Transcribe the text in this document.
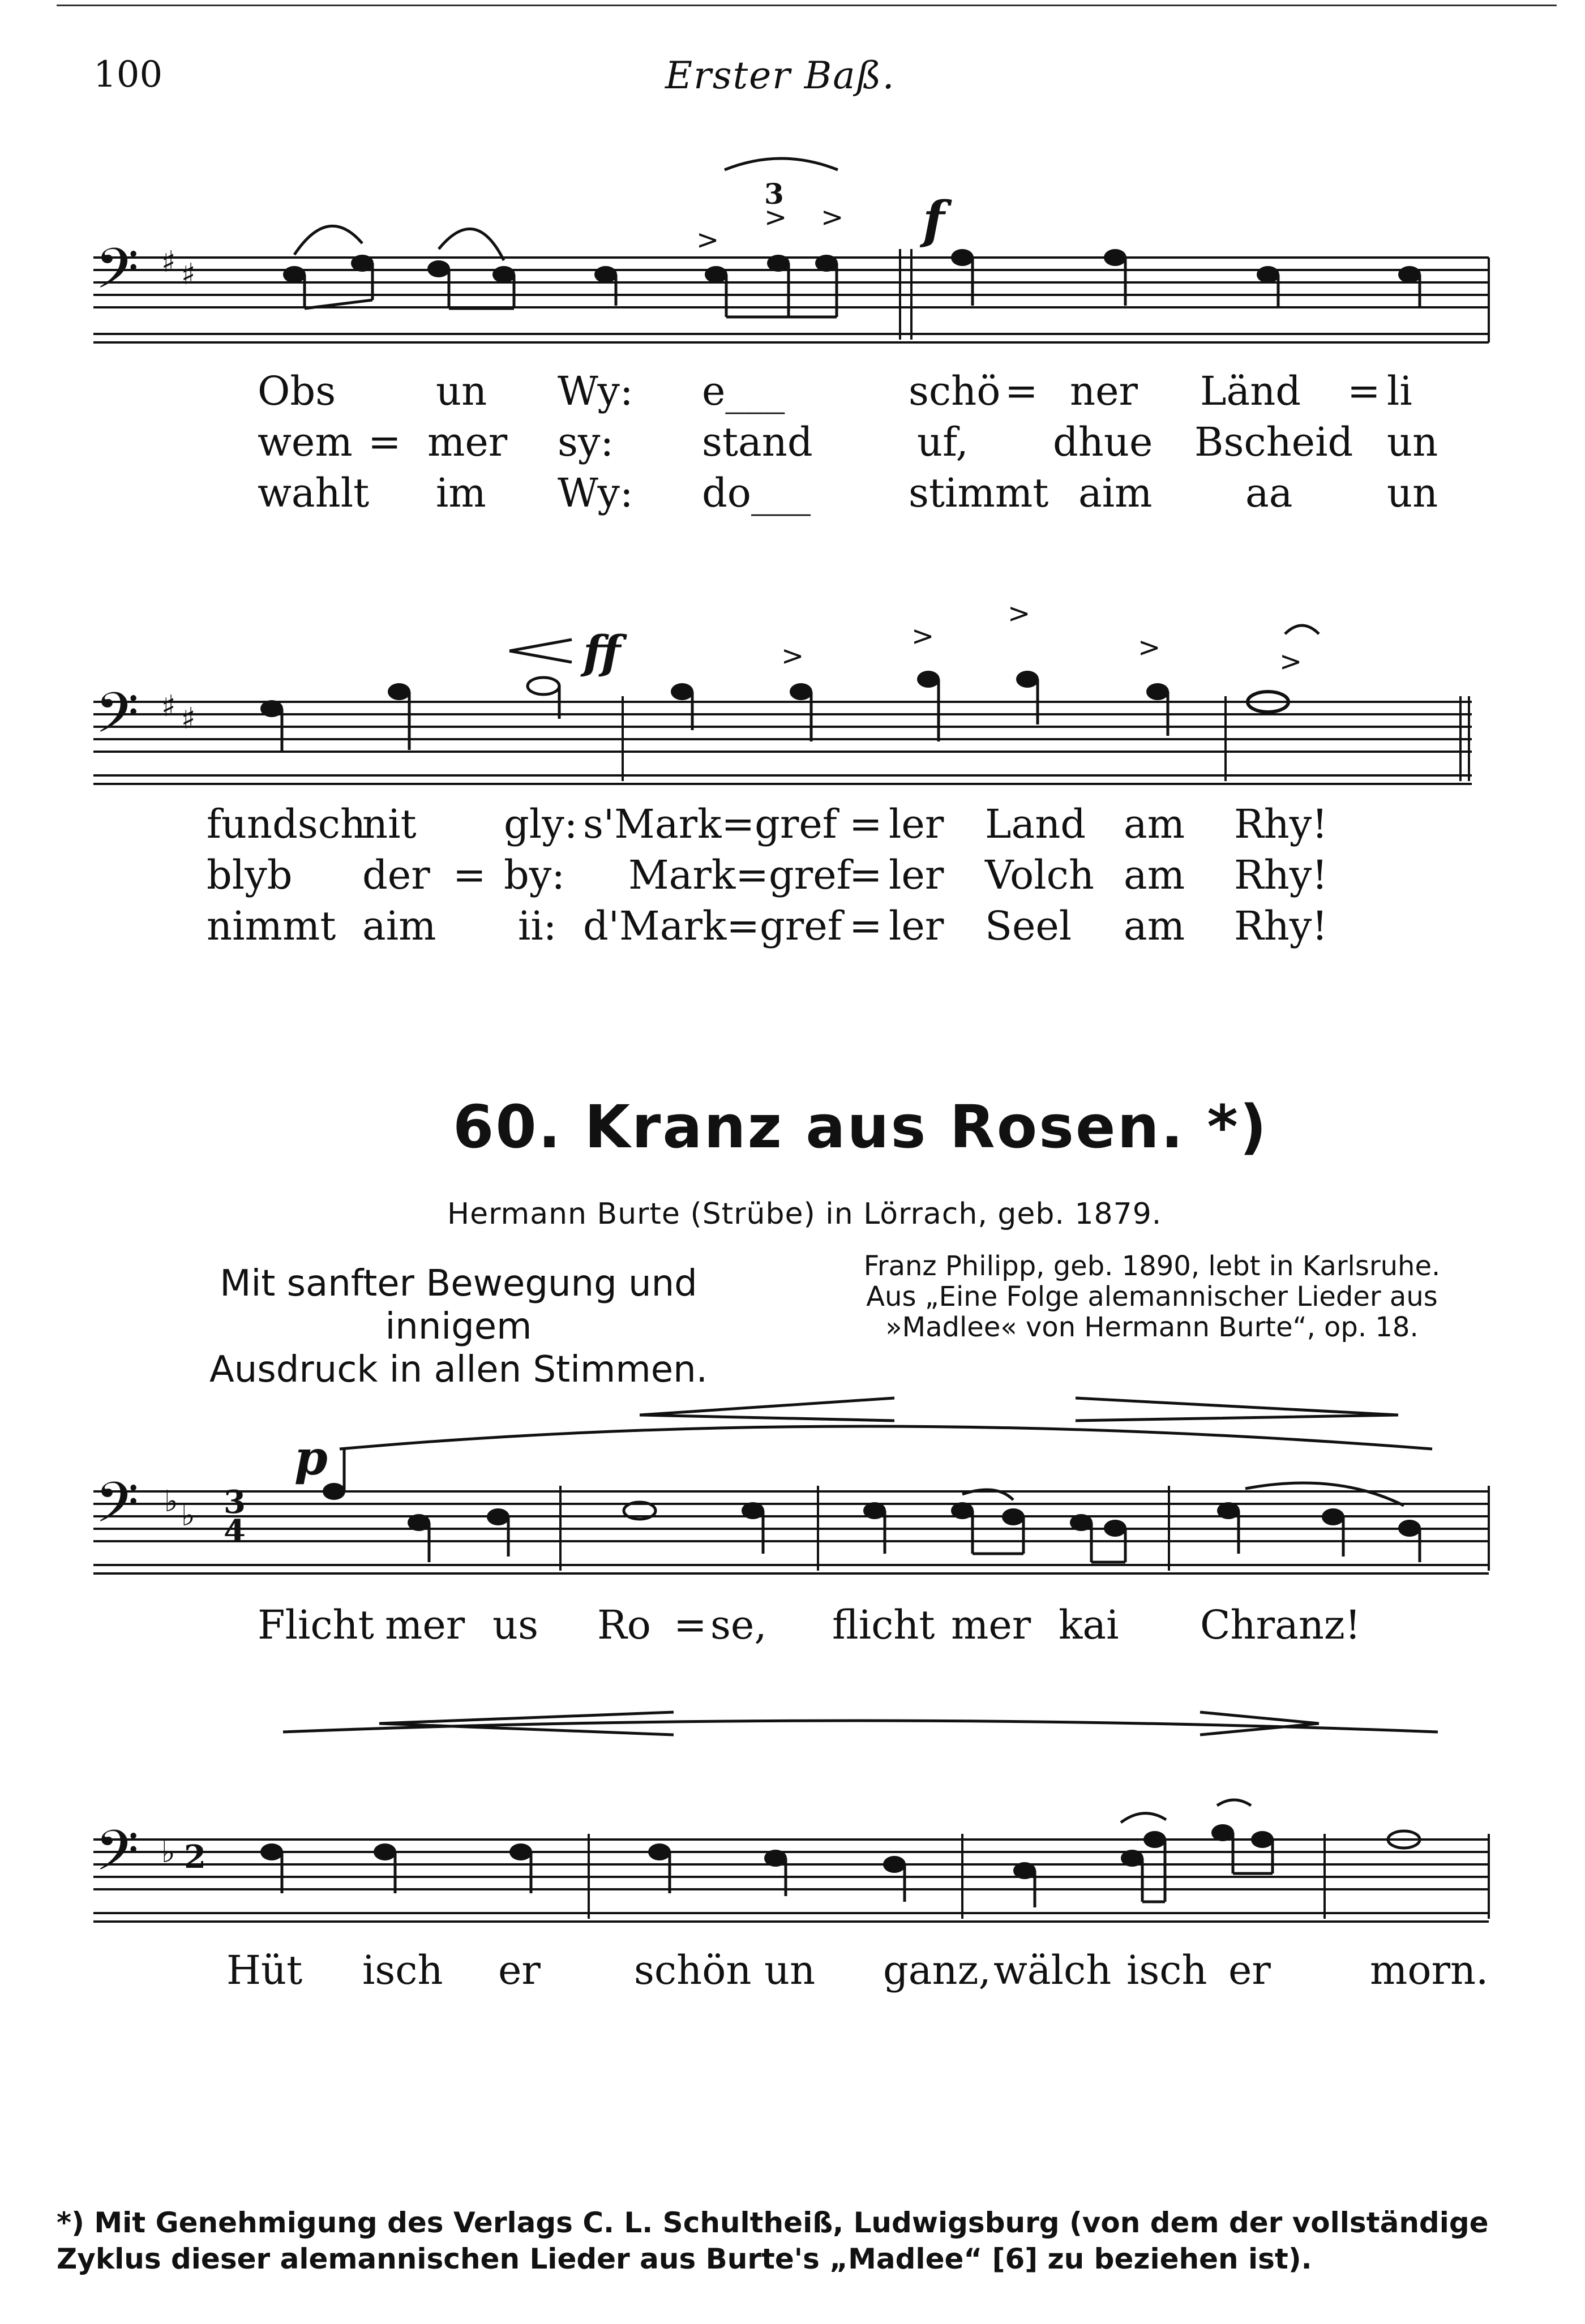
100	Erster Baß.
𝄢 ♯ ♯
3
>
> > f
Obs	un Wy: e___	schö = ner Länd = li
wem = mer sy: stand	uf, dhue Bscheid un
wahlt im Wy: do___ stimmt aim aa un
𝄢 ♯ ♯
ff	>
>
>
>	>
fundsch
nit gly: s'Mark=gref = ler Land am Rhy!
blyb der = by: Mark=gref
= ler Volch am Rhy!
nimmt aim ii: d'Mark=gref = ler Seel am Rhy!
60. Kranz aus Rosen. *)
Hermann Burte (Strübe) in Lörrach, geb. 1879.
Mit sanfter Bewegung und innigem
Ausdruck in allen Stimmen.
Franz Philipp, geb. 1890, lebt in Karlsruhe.
Aus „Eine Folge alemannischer Lieder aus
»Madlee« von Hermann Burte“, op. 18.
𝄢 ♭ ♭ 3
4
p
Flicht mer us Ro = se, flicht mer kai Chranz!
𝄢 ♭ 2
Hüt isch er schön un ganz, wälch isch er	morn.
*) Mit Genehmigung des Verlags C. L. Schultheiß, Ludwigsburg (von dem der vollständige Zyklus dieser alemannischen Lieder aus Burte's „Madlee“ [6] zu beziehen ist).
